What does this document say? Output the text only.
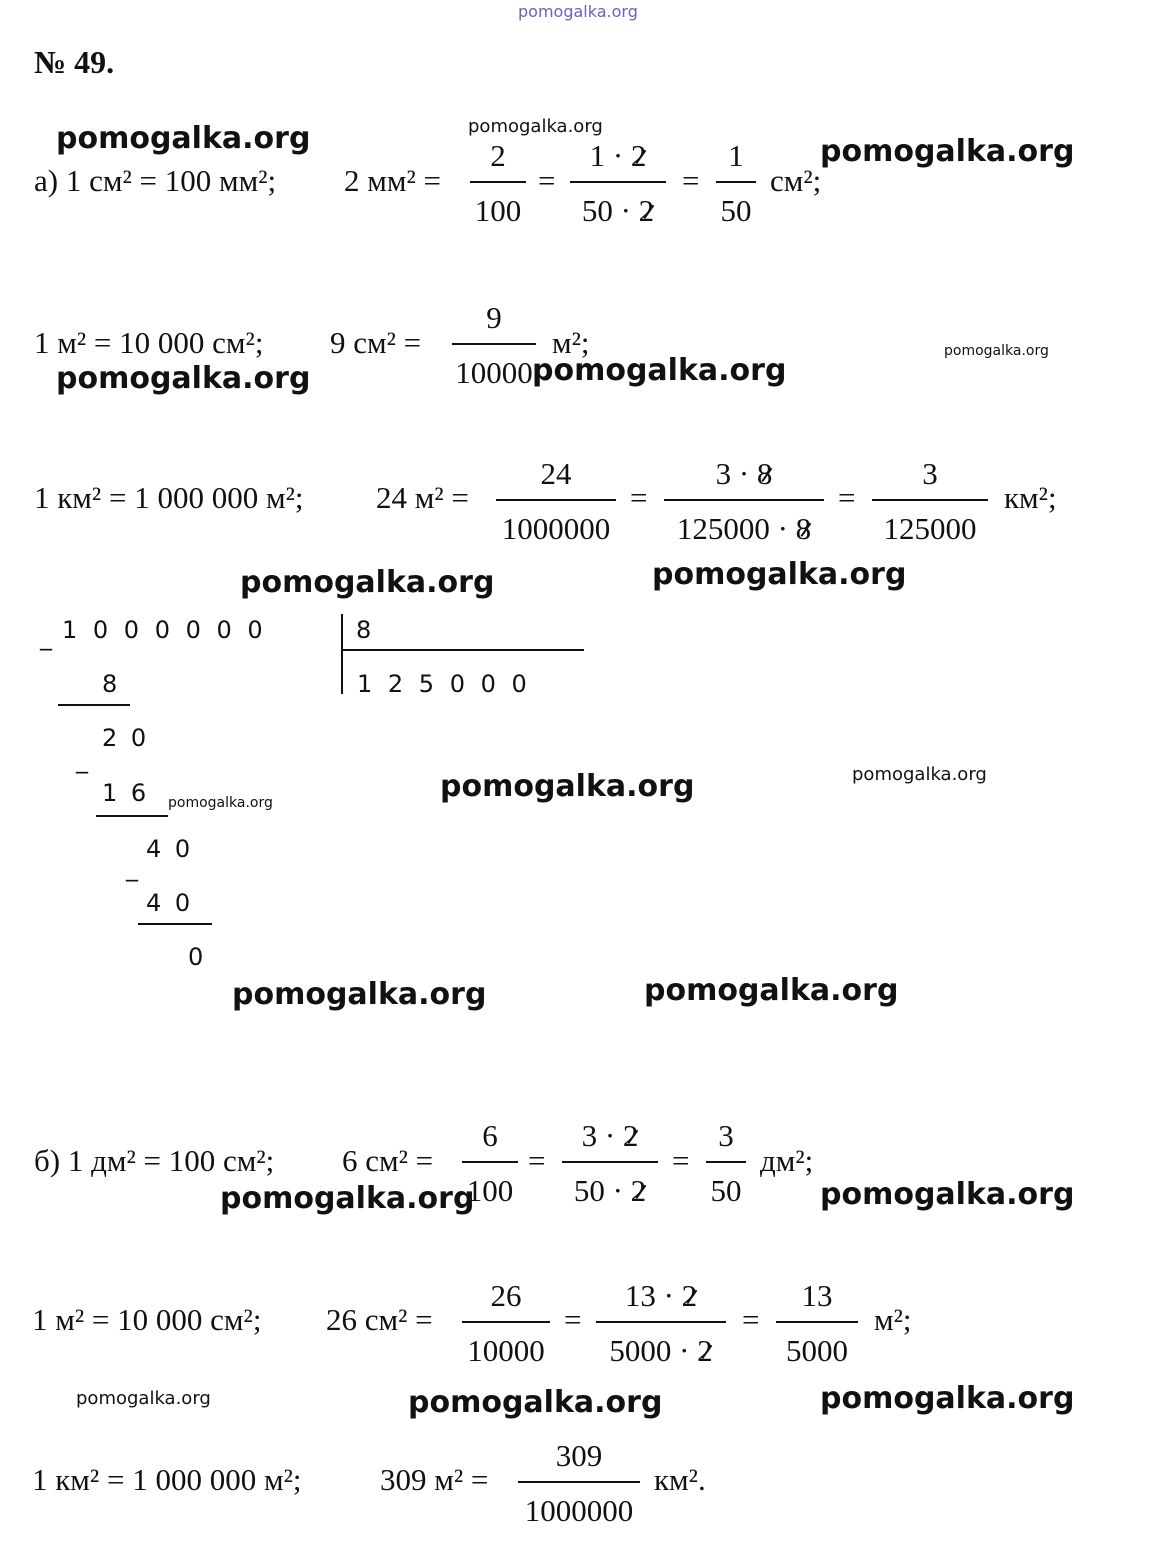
pomogalka.org
№ 49.
а) 1 см² = 100 мм²; 2 мм² =
2
100
=
1 · 2
50 · 2
=
1
50
см²;
1 м² = 10 000 см²; 9 см² =
9
10000
м²;
1 км² = 1 000 000 м²; 24 м² =
24
1000000
=
3 · 8
125000 · 8
=
3
125000
км²;
_ 1 0 0 0 0 0 0	8
1 2 5 0 0 0
8
_
2 0
1 6
_
4 0
4 0
0
б) 1 дм² = 100 см²; 6 см² =
6
100
=
3 · 2
50 · 2
=
3
50
дм²;
1 м² = 10 000 см²; 26 см² =
26
10000
=
13 · 2
5000 · 2
=
13
5000
м²;
1 км² = 1 000 000 м²;	309 м² =
309
1000000
км².
pomogalka.org	pomogalka.org
pomogalka.org
pomogalka.org
pomogalka.org	pomogalka.org
pomogalka.org	pomogalka.org
pomogalka.org
pomogalka.org
pomogalka.org
pomogalka.org	pomogalka.org
pomogalka.org	pomogalka.org
pomogalka.org	pomogalka.org	pomogalka.org
